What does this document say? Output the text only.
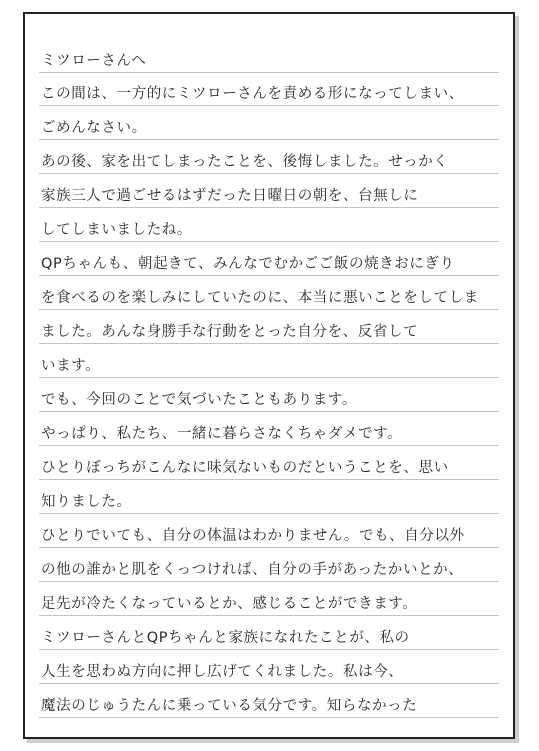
ミツローさんへ
この間は、一方的にミツローさんを責める形になってしまい、
ごめんなさい。
あの後、家を出てしまったことを、後悔しました。せっかく
家族三人で過ごせるはずだった日曜日の朝を、台無しに
してしまいましたね。
QPちゃんも、朝起きて、みんなでむかごご飯の焼きおにぎり
を食べるのを楽しみにしていたのに、本当に悪いことをしてしま
ました。あんな身勝手な行動をとった自分を、反省して
います。
でも、今回のことで気づいたこともあります。
やっぱり、私たち、一緒に暮らさなくちゃダメです。
ひとりぼっちがこんなに味気ないものだということを、思い
知りました。
ひとりでいても、自分の体温はわかりません。でも、自分以外
の他の誰かと肌をくっつければ、自分の手があったかいとか、
足先が冷たくなっているとか、感じることができます。
ミツローさんとQPちゃんと家族になれたことが、私の
人生を思わぬ方向に押し広げてくれました。私は今、
魔法のじゅうたんに乗っている気分です。知らなかった
